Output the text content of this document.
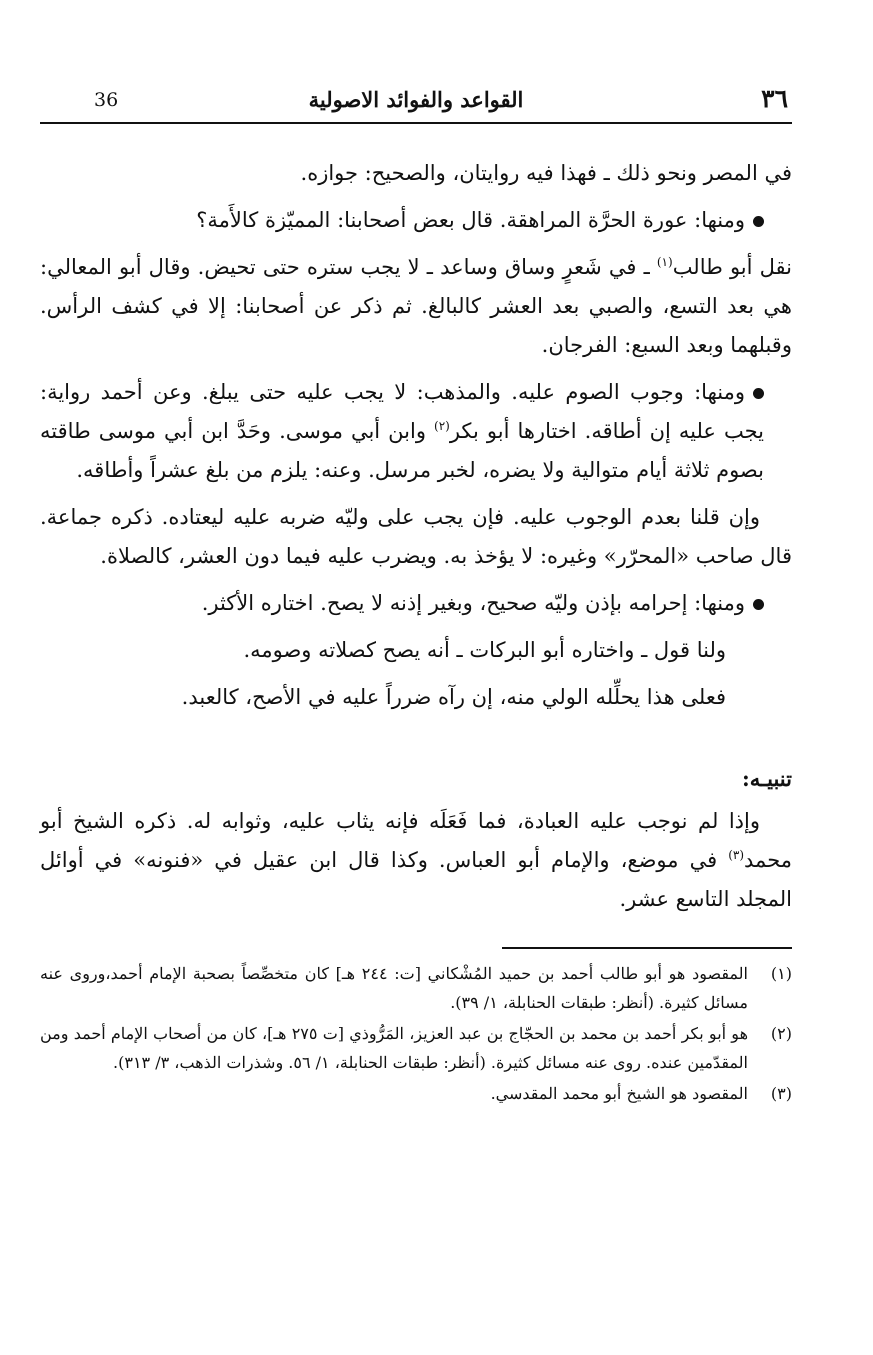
٣٦
القواعد والفوائد الاصولية
36

في المصر ونحو ذلك ـ فهذا فيه روايتان، والصحيح: جوازه.

ومنها: عورة الحرَّة المراهقة. قال بعض أصحابنا: المميّزة كالأَمة؟

نقل أبو طالب$^{(١)}$ ـ في شَعرٍ وساق وساعد ـ لا يجب ستره حتى تحيض. وقال أبو المعالي: هي بعد التسع، والصبي بعد العشر كالبالغ. ثم ذكر عن أصحابنا: إلا في كشف الرأس. وقبلهما وبعد السبع: الفرجان.

ومنها: وجوب الصوم عليه. والمذهب: لا يجب عليه حتى يبلغ. وعن أحمد رواية: يجب عليه إن أطاقه. اختارها أبو بكر$^{(٢)}$ وابن أبي موسى. وحَدَّ ابن أبي موسى طاقته بصوم ثلاثة أيام متوالية ولا يضره، لخبر مرسل. وعنه: يلزم من بلغ عشراً وأطاقه.

وإن قلنا بعدم الوجوب عليه. فإن يجب على وليّه ضربه عليه ليعتاده. ذكره جماعة. قال صاحب «المحرّر» وغيره: لا يؤخذ به. ويضرب عليه فيما دون العشر، كالصلاة.

ومنها: إحرامه بإذن وليّه صحيح، وبغير إذنه لا يصح. اختاره الأكثر.

ولنا قول ـ واختاره أبو البركات ـ أنه يصح كصلاته وصومه.

فعلى هذا يحلِّله الولي منه، إن رآه ضرراً عليه في الأصح، كالعبد.

تنبيـه:

وإذا لم نوجب عليه العبادة، فما فَعَلَه فإنه يثاب عليه، وثوابه له. ذكره الشيخ أبو محمد$^{(٣)}$ في موضع، والإمام أبو العباس. وكذا قال ابن عقيل في «فنونه» في أوائل المجلد التاسع عشر.

(١)
المقصود هو أبو طالب أحمد بن حميد المُشْكاني [ت: ٢٤٤ هـ] كان متخصِّصاً بصحبة الإمام أحمد،وروى عنه مسائل كثيرة. (أنظر: طبقات الحنابلة، ١/ ٣٩).
(٢)
هو أبو بكر أحمد بن محمد بن الحجّاج بن عبد العزيز، المَرُّوذي [ت ٢٧٥ هـ]، كان من أصحاب الإمام أحمد ومن المقدّمين عنده. روى عنه مسائل كثيرة. (أنظر: طبقات الحنابلة، ١/ ٥٦. وشذرات الذهب، ٣/ ٣١٣).
(٣)
المقصود هو الشيخ أبو محمد المقدسي.
